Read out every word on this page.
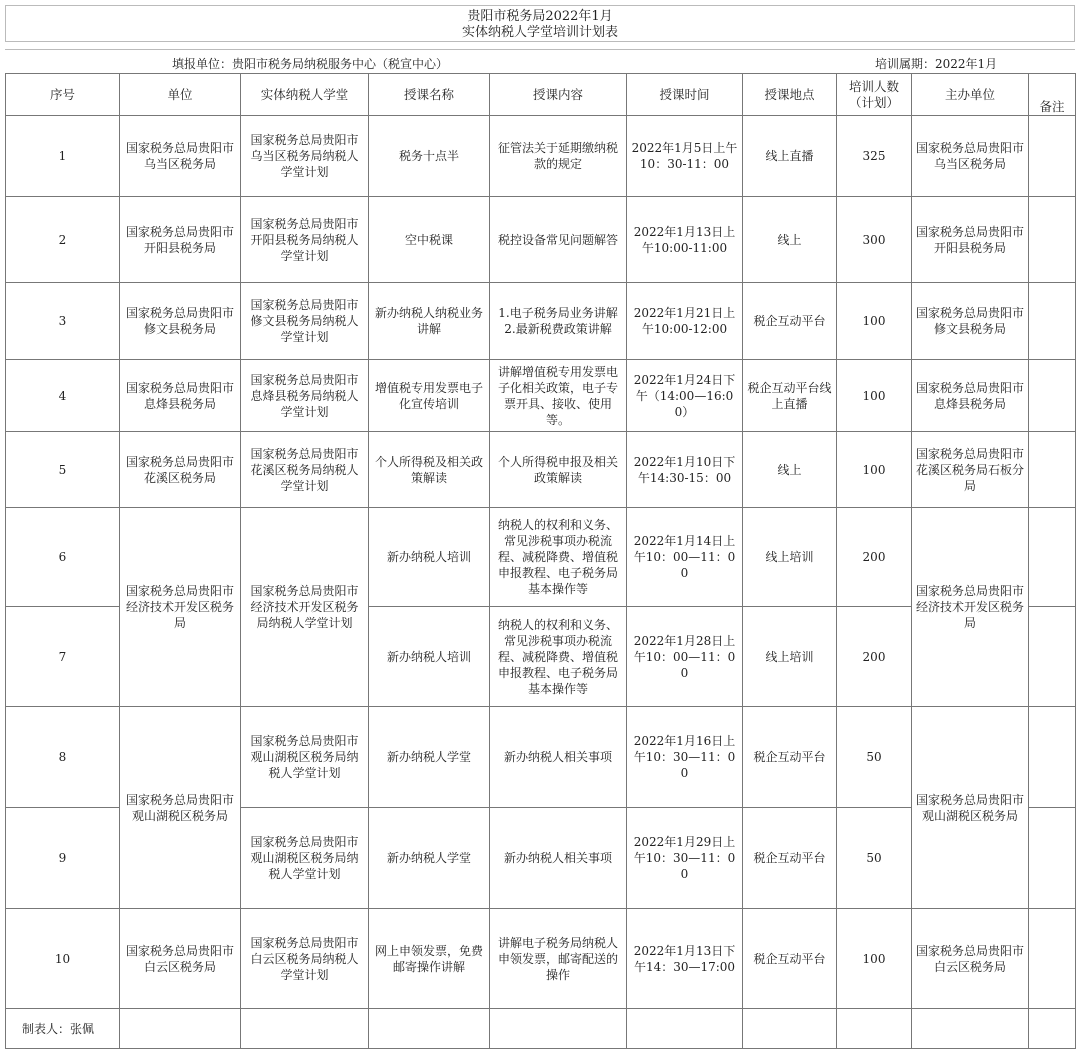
贵阳市税务局2022年1月
实体纳税人学堂培训计划表
填报单位：贵阳市税务局纳税服务中心（税宣中心）	培训属期：2022年1月
序号	单位	实体纳税人学堂	授课名称	授课内容	授课时间	授课地点	培训人数（计划）	主办单位	备注
1	国家税务总局贵阳市乌当区税务局	国家税务总局贵阳市乌当区税务局纳税人学堂计划	税务十点半	征管法关于延期缴纳税款的规定	2022年1月5日上午10：30-11：00	线上直播	325	国家税务总局贵阳市乌当区税务局	
2	国家税务总局贵阳市开阳县税务局	国家税务总局贵阳市开阳县税务局纳税人学堂计划	空中税课	税控设备常见问题解答	2022年1月13日上午10:00-11:00	线上	300	国家税务总局贵阳市开阳县税务局	
3	国家税务总局贵阳市修文县税务局	国家税务总局贵阳市修文县税务局纳税人学堂计划	新办纳税人纳税业务讲解	1.电子税务局业务讲解 2.最新税费政策讲解	2022年1月21日上午10:00-12:00	税企互动平台	100	国家税务总局贵阳市修文县税务局	
4	国家税务总局贵阳市息烽县税务局	国家税务总局贵阳市息烽县税务局纳税人学堂计划	增值税专用发票电子化宣传培训	讲解增值税专用发票电子化相关政策，电子专票开具、接收、使用等。	2022年1月24日下午（14:00—16:00）	税企互动平台线上直播	100	国家税务总局贵阳市息烽县税务局	
5	国家税务总局贵阳市花溪区税务局	国家税务总局贵阳市花溪区税务局纳税人学堂计划	个人所得税及相关政策解读	个人所得税申报及相关政策解读	2022年1月10日下午14:30-15：00	线上	100	国家税务总局贵阳市花溪区税务局石板分局	
6	国家税务总局贵阳市经济技术开发区税务局	国家税务总局贵阳市经济技术开发区税务局纳税人学堂计划	新办纳税人培训	纳税人的权利和义务、常见涉税事项办税流程、减税降费、增值税申报教程、电子税务局基本操作等	2022年1月14日上午10：00—11：00	线上培训	200	国家税务总局贵阳市经济技术开发区税务局	
7			新办纳税人培训	纳税人的权利和义务、常见涉税事项办税流程、减税降费、增值税申报教程、电子税务局基本操作等	2022年1月28日上午10：00—11：00	线上培训	200		
8	国家税务总局贵阳市观山湖税区税务局	国家税务总局贵阳市观山湖税区税务局纳税人学堂计划	新办纳税人学堂	新办纳税人相关事项	2022年1月16日上午10：30—11：00	税企互动平台	50	国家税务总局贵阳市观山湖税区税务局	
9		国家税务总局贵阳市观山湖税区税务局纳税人学堂计划	新办纳税人学堂	新办纳税人相关事项	2022年1月29日上午10：30—11：00	税企互动平台	50		
10	国家税务总局贵阳市白云区税务局	国家税务总局贵阳市白云区税务局纳税人学堂计划	网上申领发票，免费邮寄操作讲解	讲解电子税务局纳税人申领发票，邮寄配送的操作	2022年1月13日下午14：30—17:00	税企互动平台	100	国家税务总局贵阳市白云区税务局	
制表人：张佩									
